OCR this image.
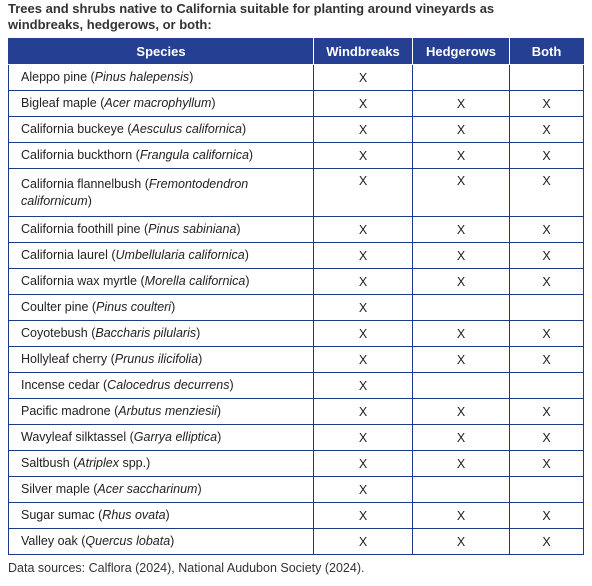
Trees and shrubs native to California suitable for planting around vineyards as windbreaks, hedgerows, or both:
Species	Windbreaks	Hedgerows	Both
Aleppo pine (Pinus halepensis)	X		
Bigleaf maple (Acer macrophyllum)	X	X	X
California buckeye (Aesculus californica)	X	X	X
California buckthorn (Frangula californica)	X	X	X
California flannelbush (Fremontodendron californicum)	X	X	X
California foothill pine (Pinus sabiniana)	X	X	X
California laurel (Umbellularia californica)	X	X	X
California wax myrtle (Morella californica)	X	X	X
Coulter pine (Pinus coulteri)	X		
Coyotebush (Baccharis pilularis)	X	X	X
Hollyleaf cherry (Prunus ilicifolia)	X	X	X
Incense cedar (Calocedrus decurrens)	X		
Pacific madrone (Arbutus menziesii)	X	X	X
Wavyleaf silktassel (Garrya elliptica)	X	X	X
Saltbush (Atriplex spp.)	X	X	X
Silver maple (Acer saccharinum)	X		
Sugar sumac (Rhus ovata)	X	X	X
Valley oak (Quercus lobata)	X	X	X
Data sources: Calflora (2024), National Audubon Society (2024).
